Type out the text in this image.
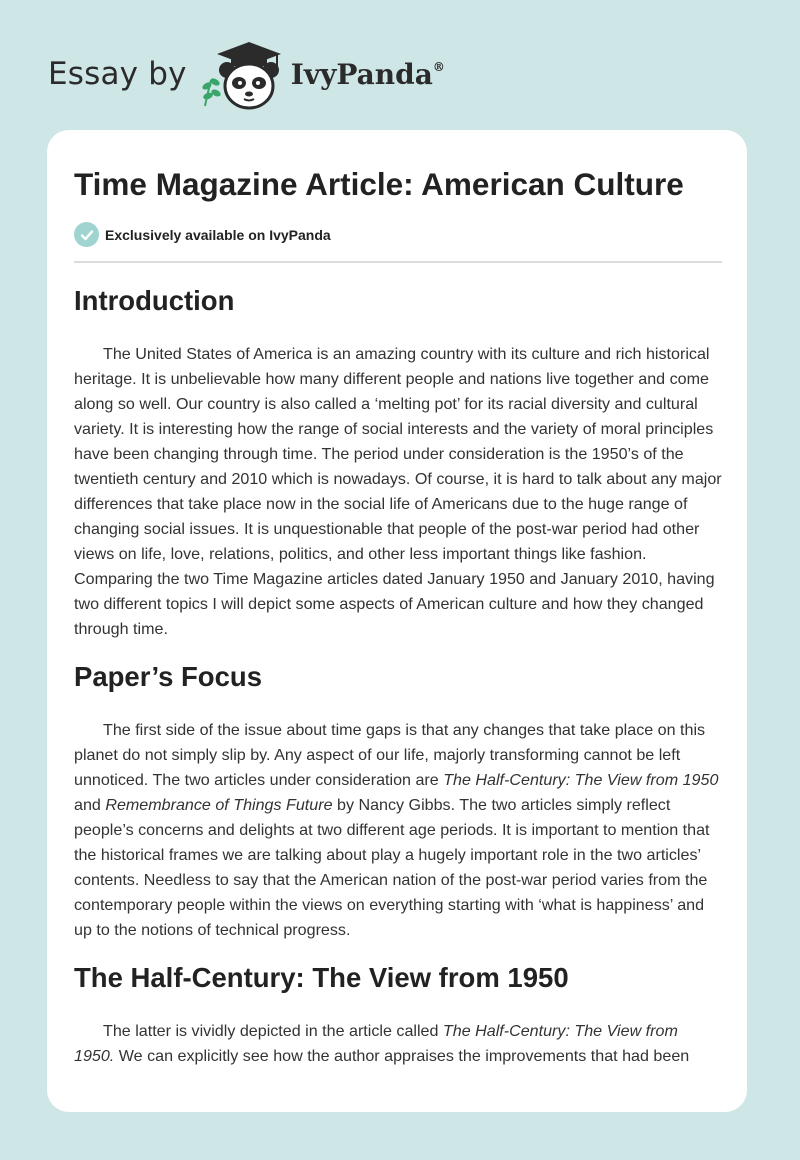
Essay by	IvyPanda®
Time Magazine Article: American Culture
Exclusively available on IvyPanda
Introduction

The United States of America is an amazing country with its culture and rich historical heritage. It is unbelievable how many different people and nations live together and come along so well. Our country is also called a ‘melting pot’ for its racial diversity and cultural variety. It is interesting how the range of social interests and the variety of moral principles have been changing through time. The period under consideration is the 1950’s of the twentieth century and 2010 which is nowadays. Of course, it is hard to talk about any major differences that take place now in the social life of Americans due to the huge range of changing social issues. It is unquestionable that people of the post-war period had other views on life, love, relations, politics, and other less important things like fashion. Comparing the two Time Magazine articles dated January 1950 and January 2010, having two different topics I will depict some aspects of American culture and how they changed through time.

Paper’s Focus

The first side of the issue about time gaps is that any changes that take place on this planet do not simply slip by. Any aspect of our life, majorly transforming cannot be left unnoticed. The two articles under consideration are The Half-Century: The View from 1950 and Remembrance of Things Future by Nancy Gibbs. The two articles simply reflect people’s concerns and delights at two different age periods. It is important to mention that the historical frames we are talking about play a hugely important role in the two articles’ contents. Needless to say that the American nation of the post-war period varies from the contemporary people within the views on everything starting with ‘what is happiness’ and up to the notions of technical progress.

The Half-Century: The View from 1950

The latter is vividly depicted in the article called The Half-Century: The View from 1950. We can explicitly see how the author appraises the improvements that had been
